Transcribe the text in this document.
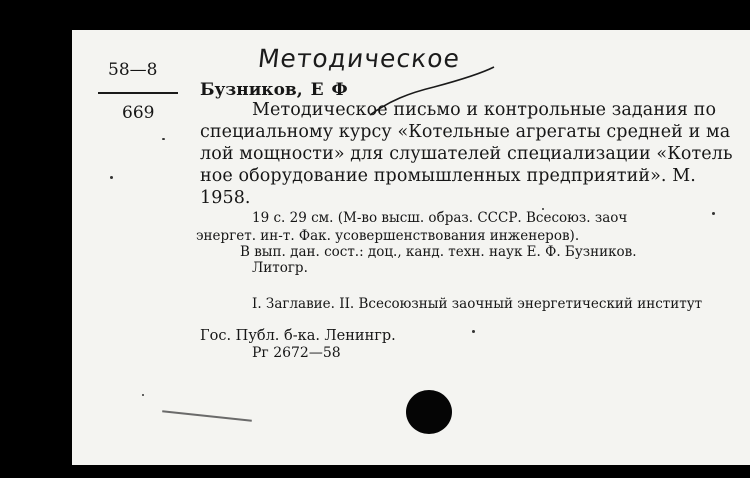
58—8
669
Методическое
Бузников, Е Ф
Методическое письмо и контрольные задания по
специальному курсу «Котельные агрегаты средней и ма
лой мощности» для слушателей специализации «Котель
ное оборудование промышленных предприятий». М.
1958.
19 с. 29 см. (М-во высш. образ. СССР. Всесоюз. заоч
энергет. ин-т. Фак. усовершенствования инженеров).
В вып. дан. сост.: доц., канд. техн. наук Е. Ф. Бузников.
Литогр.
I. Заглавие. II. Всесоюзный заочный энергетический институт
Гос. Публ. б-ка. Ленингр.
Рг 2672—58
